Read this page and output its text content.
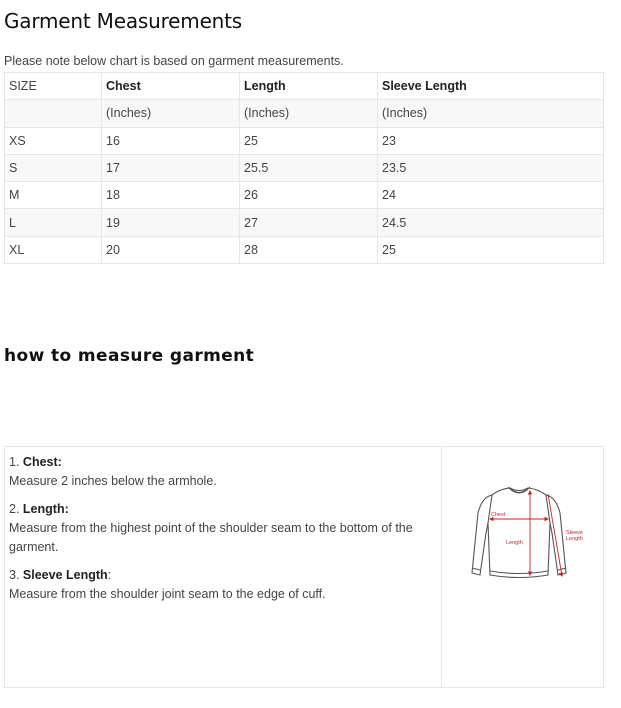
Garment Measurements
Please note below chart is based on garment measurements.
SIZE	Chest	Length	Sleeve Length
	(Inches)	(Inches)	(Inches)
XS	16	25	23
S	17	25.5	23.5
M	18	26	24
L	19	27	24.5
XL	20	28	25
how to measure garment
1. Chest:
Measure 2 inches below the armhole.
2. Length:
Measure from the highest point of the shoulder seam to the bottom of the garment.
3. Sleeve Length:
Measure from the shoulder joint seam to the edge of cuff.
Chest
Length
Sleeve
Length
